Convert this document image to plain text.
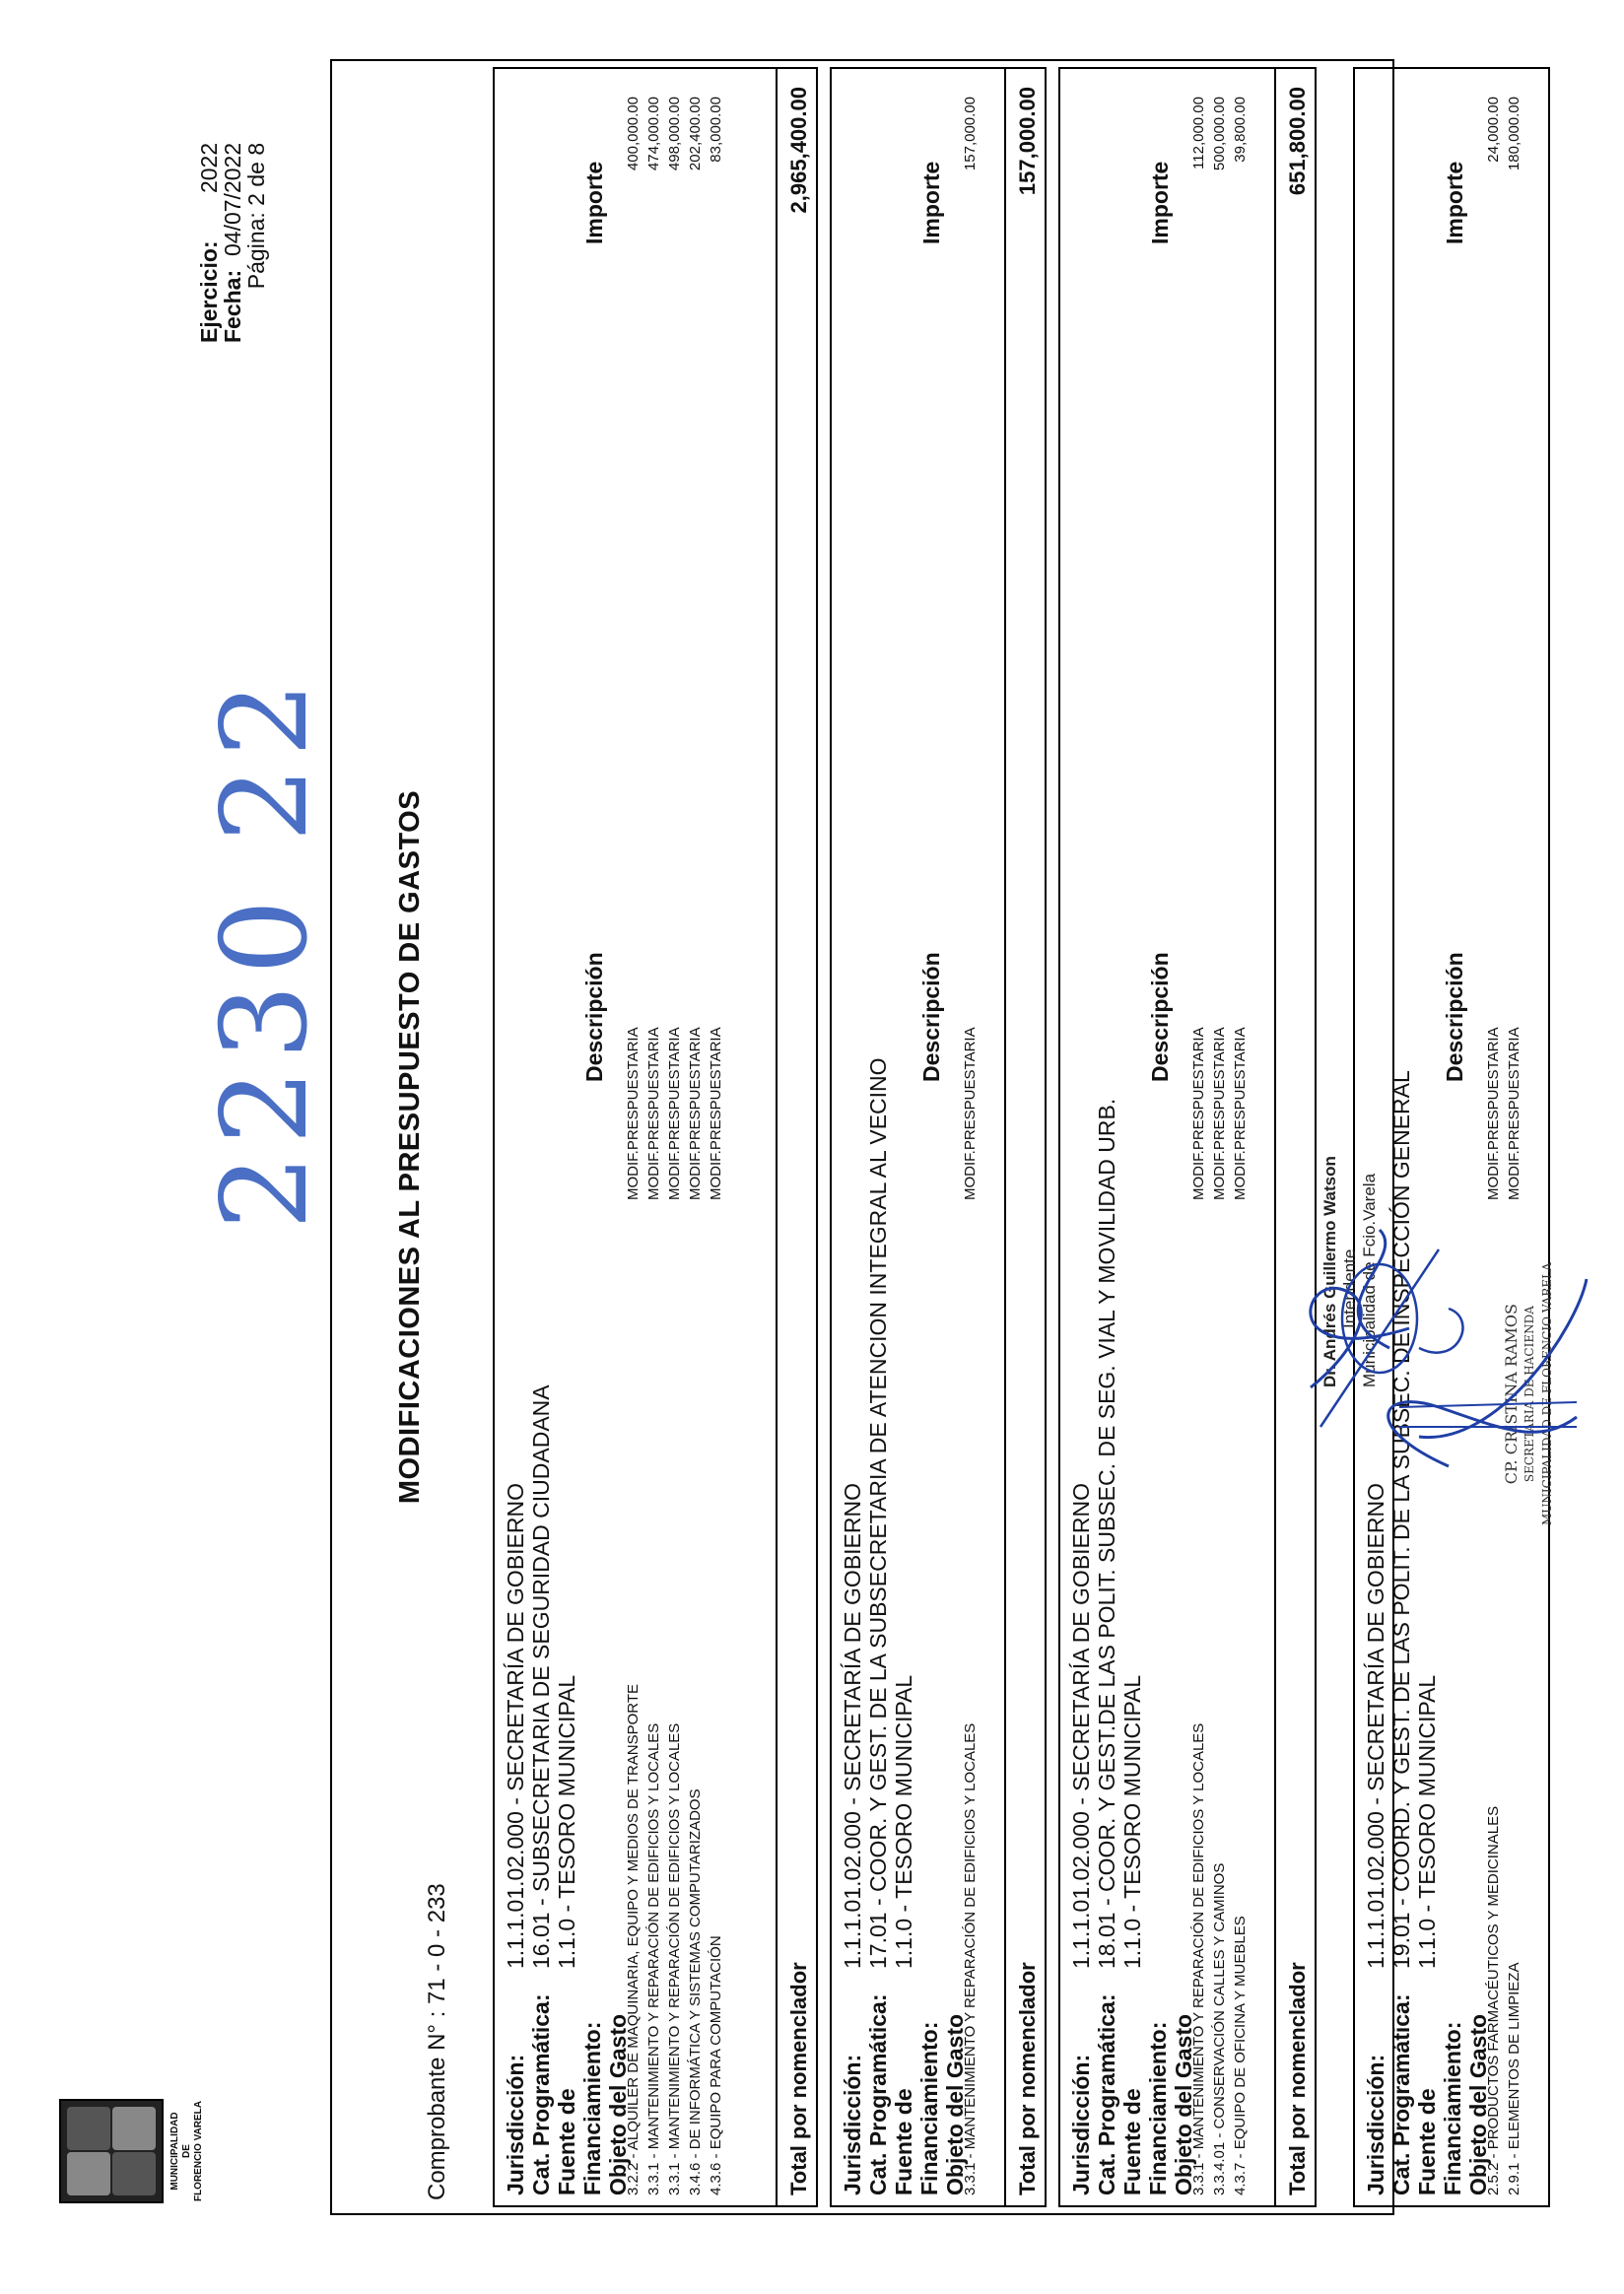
MUNICIPALIDAD DE FLORENCIO VARELA
MODIFICACIONES AL PRESUPUESTO DE GASTOS
2230 22
Ejercicio:
2022
Fecha:
04/07/2022
Página: 2 de 8
Comprobante N° : 71 - 0 - 233 Jurisdicción:
1.1.1.01.02.000 - SECRETARÍA DE GOBIERNO
Cat. Programática:
16.01 - SUBSECRETARIA DE SEGURIDAD CIUDADANA
Fuente de Financiamiento:
1.1.0 - TESORO MUNICIPAL
Objeto del Gasto
Descripción
Importe
3.2.2 - ALQUILER DE MAQUINARIA, EQUIPO Y MEDIOS DE TRANSPORTE
MODIF.PRESPUESTARIA
400,000.00
3.3.1 - MANTENIMIENTO Y REPARACIÓN DE EDIFICIOS Y LOCALES
MODIF.PRESPUESTARIA
474,000.00
3.3.1 - MANTENIMIENTO Y REPARACIÓN DE EDIFICIOS Y LOCALES
MODIF.PRESPUESTARIA
498,000.00
3.4.6 - DE INFORMÁTICA Y SISTEMAS COMPUTARIZADOS
MODIF.PRESPUESTARIA
202,400.00
4.3.6 - EQUIPO PARA COMPUTACIÓN
MODIF.PRESPUESTARIA
83,000.00
Total por nomenclador
2,965,400.00
Jurisdicción:
1.1.1.01.02.000 - SECRETARÍA DE GOBIERNO
Cat. Programática:
17.01 - COOR. Y GEST. DE LA SUBSECRETARIA DE ATENCION INTEGRAL AL VECINO
Fuente de Financiamiento:
1.1.0 - TESORO MUNICIPAL
Objeto del Gasto
Descripción
Importe
3.3.1 - MANTENIMIENTO Y REPARACIÓN DE EDIFICIOS Y LOCALES
MODIF.PRESPUESTARIA
157,000.00
Total por nomenclador
157,000.00
Jurisdicción:
1.1.1.01.02.000 - SECRETARÍA DE GOBIERNO
Cat. Programática:
18.01 - COOR. Y GEST.DE LAS POLIT. SUBSEC. DE SEG. VIAL Y MOVILIDAD URB.
Fuente de Financiamiento:
1.1.0 - TESORO MUNICIPAL
Objeto del Gasto
Descripción
Importe
3.3.1 - MANTENIMIENTO Y REPARACIÓN DE EDIFICIOS Y LOCALES
MODIF.PRESPUESTARIA
112,000.00
3.3.4.01 - CONSERVACIÓN CALLES Y CAMINOS
MODIF.PRESPUESTARIA
500,000.00
4.3.7 - EQUIPO DE OFICINA Y MUEBLES
MODIF.PRESPUESTARIA
39,800.00
Total por nomenclador
651,800.00
Jurisdicción:
1.1.1.01.02.000 - SECRETARÍA DE GOBIERNO
Cat. Programática:
19.01 - COORD. Y GEST. DE LAS POLIT. DE LA SUBSEC. DE INSPECCIÓN GENERAL
Fuente de Financiamiento:
1.1.0 - TESORO MUNICIPAL
Objeto del Gasto
Descripción
Importe
2.5.2 - PRODUCTOS FARMACÉUTICOS Y MEDICINALES
MODIF.PRESPUESTARIA
24,000.00
2.9.1 - ELEMENTOS DE LIMPIEZA
MODIF.PRESPUESTARIA
180,000.00
CP. CRISTINA RAMOS SECRETARIA DE HACIENDA MUNICIPALIDAD DE FLORENCIO VARELA
Dr. Andrés Guillermo Watson Intendente Municipalidad de Fcio.Varela
